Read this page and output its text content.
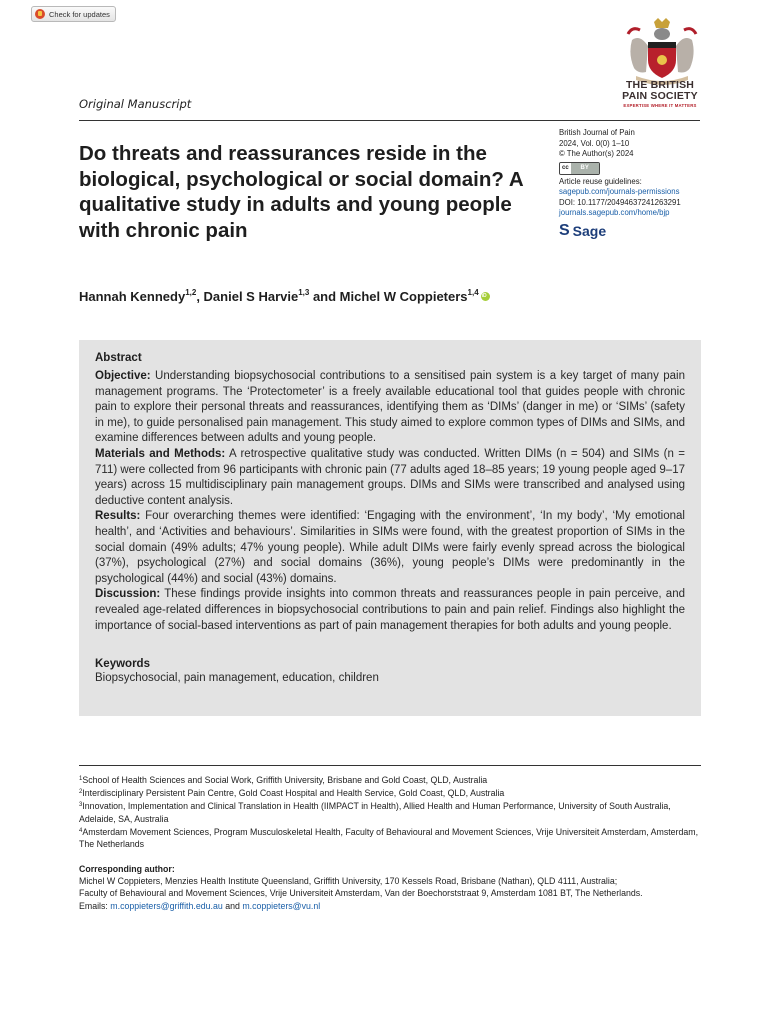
Check for updates
THE BRITISH
PAIN SOCIETY
EXPERTISE WHERE IT MATTERS
Original Manuscript
Do threats and reassurances reside in the biological, psychological or social domain? A qualitative study in adults and young people with chronic pain
British Journal of Pain
2024, Vol. 0(0) 1–10
© The Author(s) 2024
cc	BY
Article reuse guidelines:
sagepub.com/journals-permissions
DOI: 10.1177/20494637241263291
journals.sagepub.com/home/bjp
S Sage
Hannah Kennedy$^{1,2}$, Daniel S Harvie$^{1,3}$ and Michel W Coppieters$^{1,4}$iD
Abstract

Objective: Understanding biopsychosocial contributions to a sensitised pain system is a key target of many pain management programs. The ‘Protectometer’ is a freely available educational tool that guides people with chronic pain to explore their personal threats and reassurances, identifying them as ‘DIMs’ (danger in me) or ‘SIMs’ (safety in me), to guide personalised pain management. This study aimed to explore common types of DIMs and SIMs, and examine differences between adults and young people.

Materials and Methods: A retrospective qualitative study was conducted. Written DIMs (n = 504) and SIMs (n = 711) were collected from 96 participants with chronic pain (77 adults aged 18–85 years; 19 young people aged 9–17 years) across 15 multidisciplinary pain management groups. DIMs and SIMs were transcribed and analysed using deductive content analysis.

Results: Four overarching themes were identified: ‘Engaging with the environment’, ‘In my body’, ‘My emotional health’, and ‘Activities and behaviours’. Similarities in SIMs were found, with the greatest proportion of SIMs in the social domain (49% adults; 47% young people). While adult DIMs were fairly evenly spread across the biological (37%), psychological (27%) and social domains (36%), young people’s DIMs were predominantly in the psychological (44%) and social (43%) domains.

Discussion: These findings provide insights into common threats and reassurances people in pain perceive, and revealed age-related differences in biopsychosocial contributions to pain and pain relief. Findings also highlight the importance of social-based interventions as part of pain management therapies for both adults and young people.

Keywords
Biopsychosocial, pain management, education, children
$^1$School of Health Sciences and Social Work, Griffith University, Brisbane and Gold Coast, QLD, Australia
$^2$Interdisciplinary Persistent Pain Centre, Gold Coast Hospital and Health Service, Gold Coast, QLD, Australia
$^3$Innovation, Implementation and Clinical Translation in Health (IIMPACT in Health), Allied Health and Human Performance, University of South Australia, Adelaide, SA, Australia
$^4$Amsterdam Movement Sciences, Program Musculoskeletal Health, Faculty of Behavioural and Movement Sciences, Vrije Universiteit Amsterdam, Amsterdam, The Netherlands
Corresponding author:
Michel W Coppieters, Menzies Health Institute Queensland, Griffith University, 170 Kessels Road, Brisbane (Nathan), QLD 4111, Australia;
Faculty of Behavioural and Movement Sciences, Vrije Universiteit Amsterdam, Van der Boechorststraat 9, Amsterdam 1081 BT, The Netherlands.
Emails: m.coppieters@griffith.edu.au and m.coppieters@vu.nl
